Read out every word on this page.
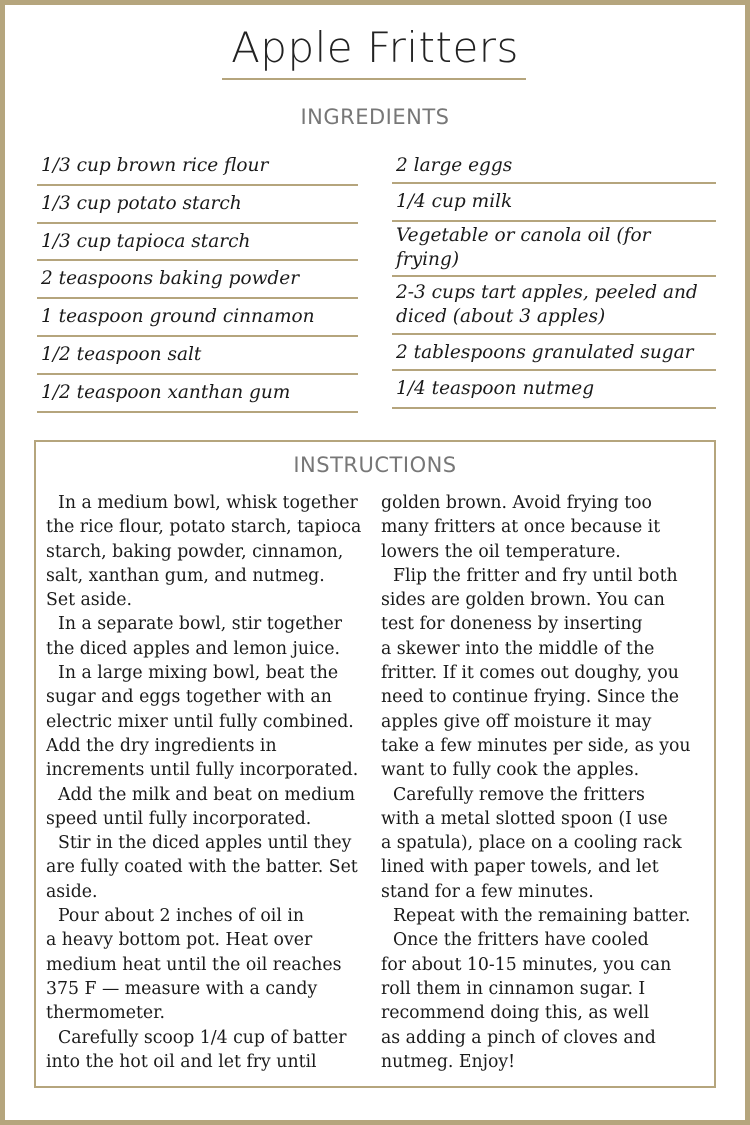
Apple Fritters
INGREDIENTS
1/3 cup brown rice flour
1/3 cup potato starch
1/3 cup tapioca starch
2 teaspoons baking powder
1 teaspoon ground cinnamon
1/2 teaspoon salt
1/2 teaspoon xanthan gum
2 large eggs
1/4 cup milk
Vegetable or canola oil (for
frying)
2-3 cups tart apples, peeled and
diced (about 3 apples)
2 tablespoons granulated sugar
1/4 teaspoon nutmeg
INSTRUCTIONS
In a medium bowl, whisk together
the rice flour, potato starch, tapioca
starch, baking powder, cinnamon,
salt, xanthan gum, and nutmeg.
Set aside.
In a separate bowl, stir together
the diced apples and lemon juice.
In a large mixing bowl, beat the
sugar and eggs together with an
electric mixer until fully combined.
Add the dry ingredients in
increments until fully incorporated.
Add the milk and beat on medium
speed until fully incorporated.
Stir in the diced apples until they
are fully coated with the batter. Set
aside.
Pour about 2 inches of oil in
a heavy bottom pot. Heat over
medium heat until the oil reaches
375 F — measure with a candy
thermometer.
Carefully scoop 1/4 cup of batter
into the hot oil and let fry until
golden brown. Avoid frying too
many fritters at once because it
lowers the oil temperature.
Flip the fritter and fry until both
sides are golden brown. You can
test for doneness by inserting
a skewer into the middle of the
fritter. If it comes out doughy, you
need to continue frying. Since the
apples give off moisture it may
take a few minutes per side, as you
want to fully cook the apples.
Carefully remove the fritters
with a metal slotted spoon (I use
a spatula), place on a cooling rack
lined with paper towels, and let
stand for a few minutes.
Repeat with the remaining batter.
Once the fritters have cooled
for about 10-15 minutes, you can
roll them in cinnamon sugar. I
recommend doing this, as well
as adding a pinch of cloves and
nutmeg. Enjoy!
